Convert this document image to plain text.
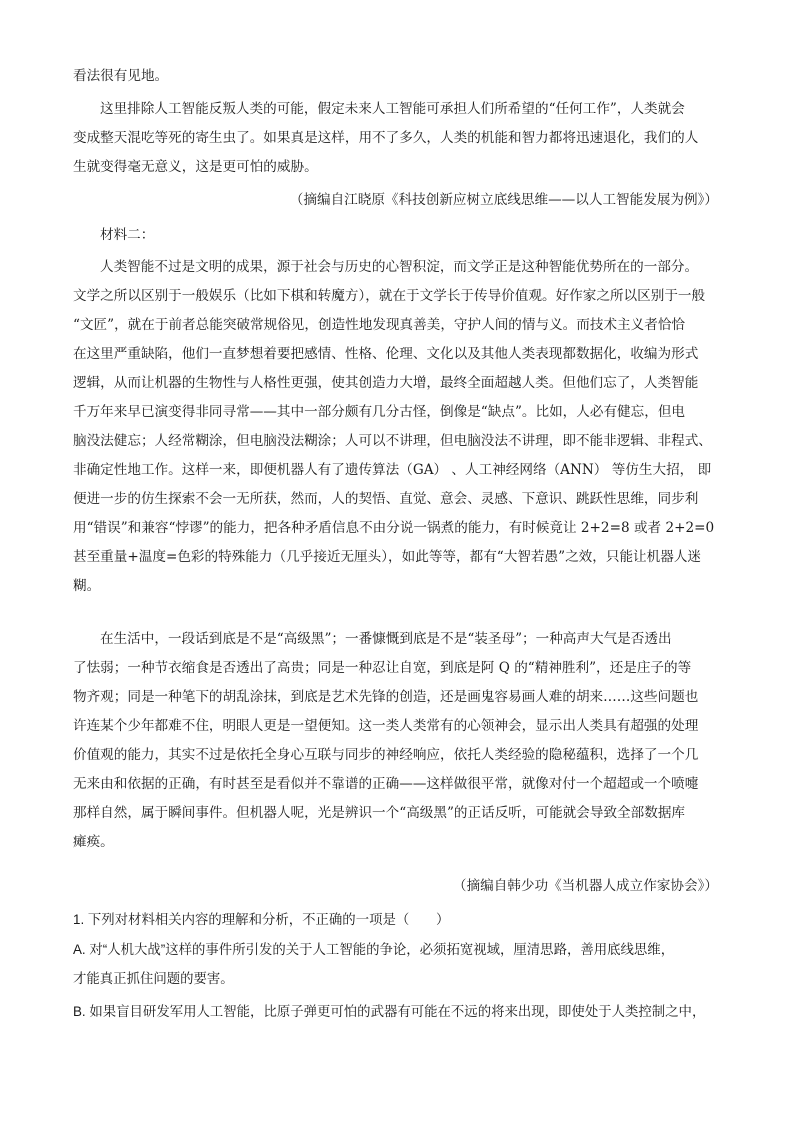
看法很有见地。
这里排除人工智能反叛人类的可能，假定未来人工智能可承担人们所希望的“任何工作”，人类就会
变成整天混吃等死的寄生虫了。如果真是这样，用不了多久，人类的机能和智力都将迅速退化，我们的人
生就变得毫无意义，这是更可怕的威胁。
（摘编自江晓原《科技创新应树立底线思维——以人工智能发展为例》）
材料二：
人类智能不过是文明的成果，源于社会与历史的心智积淀，而文学正是这种智能优势所在的一部分。
文学之所以区别于一般娱乐（比如下棋和转魔方），就在于文学长于传导价值观。好作家之所以区别于一般
“文匠”，就在于前者总能突破常规俗见，创造性地发现真善美，守护人间的情与义。而技术主义者恰恰
在这里严重缺陷，他们一直梦想着要把感情、性格、伦理、文化以及其他人类表现都数据化，收编为形式
逻辑，从而让机器的生物性与人格性更强，使其创造力大增，最终全面超越人类。但他们忘了，人类智能
千万年来早已演变得非同寻常——其中一部分颇有几分古怪，倒像是“缺点”。比如，人必有健忘，但电
脑没法健忘；人经常糊涂，但电脑没法糊涂；人可以不讲理，但电脑没法不讲理，即不能非逻辑、非程式、
非确定性地工作。这样一来，即便机器人有了遗传算法（GA） 、人工神经网络（ANN） 等仿生大招， 即
便进一步的仿生探索不会一无所获，然而，人的契悟、直觉、意会、灵感、下意识、跳跃性思维，同步利
用“错误”和兼容“悖谬”的能力，把各种矛盾信息不由分说一锅煮的能力，有时候竟让 2+2=8 或者 2+2=0
甚至重量+温度=色彩的特殊能力（几乎接近无厘头），如此等等，都有“大智若愚”之效，只能让机器人迷
糊。
在生活中，一段话到底是不是“高级黑”；一番慷慨到底是不是“装圣母”；一种高声大气是否透出
了怯弱；一种节衣缩食是否透出了高贵；同是一种忍让自宽，到底是阿 Q 的“精神胜利”，还是庄子的等
物齐观；同是一种笔下的胡乱涂抹，到底是艺术先锋的创造，还是画鬼容易画人难的胡来……这些问题也
许连某个少年都难不住，明眼人更是一望便知。这一类人类常有的心领神会，显示出人类具有超强的处理
价值观的能力，其实不过是依托全身心互联与同步的神经响应，依托人类经验的隐秘蕴积，选择了一个几
无来由和依据的正确，有时甚至是看似并不靠谱的正确——这样做很平常，就像对付一个超超或一个喷嚏
那样自然，属于瞬间事件。但机器人呢，光是辨识一个“高级黑”的正话反听，可能就会导致全部数据库
瘫痪。
（摘编自韩少功《当机器人成立作家协会》）
1. 下列对材料相关内容的理解和分析，不正确的一项是（　　）
A. 对“人机大战”这样的事件所引发的关于人工智能的争论，必须拓宽视域，厘清思路，善用底线思维，
才能真正抓住问题的要害。
B. 如果盲目研发军用人工智能，比原子弹更可怕的武器有可能在不远的将来出现，即使处于人类控制之中，
